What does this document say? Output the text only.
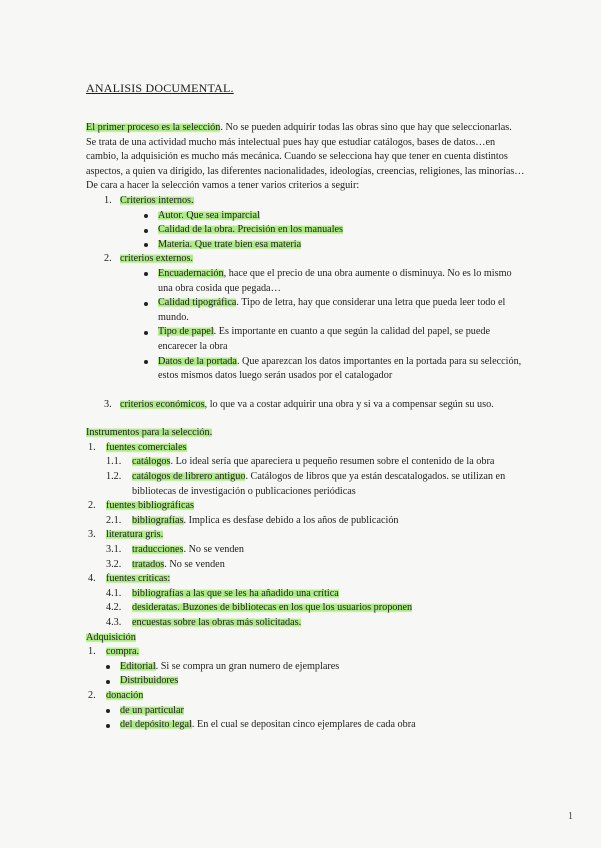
ANALISIS DOCUMENTAL.

El primer proceso es la selección. No se pueden adquirir todas las obras sino que hay que seleccionarlas.

Se trata de una actividad mucho más intelectual pues hay que estudiar catálogos, bases de datos…en cambio, la adquisición es mucho más mecánica. Cuando se selecciona hay que tener en cuenta distintos aspectos, a quien va dirigido, las diferentes nacionalidades, ideologías, creencias, religiones, las minorías…

De cara a hacer la selección vamos a tener varios criterios a seguir:

1. Criterios internos.
Autor. Que sea imparcial
Calidad de la obra. Precisión en los manuales
Materia. Que trate bien esa materia
2. criterios externos.
Encuadernación, hace que el precio de una obra aumente o disminuya. No es lo mismo una obra cosida que pegada…
Calidad tipográfica. Tipo de letra, hay que considerar una letra que pueda leer todo el mundo.
Tipo de papel. Es importante en cuanto a que según la calidad del papel, se puede encarecer la obra
Datos de la portada. Que aparezcan los datos importantes en la portada para su selección, estos mismos datos luego serán usados por el catalogador
3. criterios económicos, lo que va a costar adquirir una obra y si va a compensar según su uso.

Instrumentos para la selección.

1. fuentes comerciales

1.1. catálogos. Lo ideal sería que apareciera u pequeño resumen sobre el contenido de la obra

1.2. catálogos de librero antiguo. Catálogos de libros que ya están descatalogados. se utilizan en bibliotecas de investigación o publicaciones periódicas

2. fuentes bibliográficas

2.1. bibliografías. Implica es desfase debido a los años de publicación

3. literatura gris.

3.1. traducciones. No se venden

3.2. tratados. No se venden

4. fuentes críticas:

4.1. bibliografías a las que se les ha añadido una crítica

4.2. desideratas. Buzones de bibliotecas en los que los usuarios proponen

4.3. encuestas sobre las obras más solicitadas.

Adquisición

1. compra.

Editorial. Si se compra un gran numero de ejemplares
Distribuidores

2. donación

de un particular
del depósito legal. En el cual se depositan cinco ejemplares de cada obra
1
